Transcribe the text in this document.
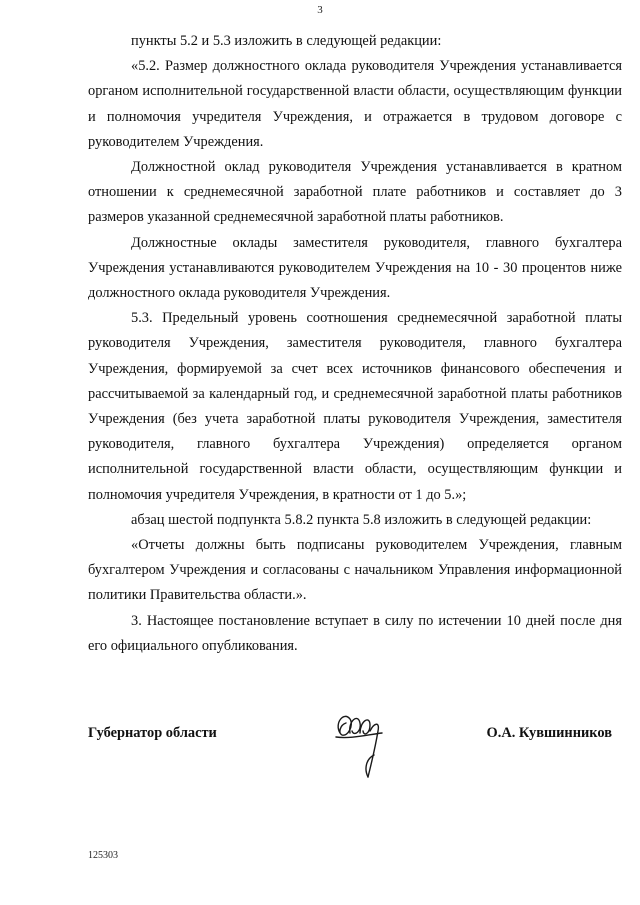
3

пункты 5.2 и 5.3 изложить в следующей редакции:

«5.2. Размер должностного оклада руководителя Учреждения устанавливается органом исполнительной государственной власти области, осуществляющим функции и полномочия учредителя Учреждения, и отражается в трудовом договоре с руководителем Учреждения.

Должностной оклад руководителя Учреждения устанавливается в кратном отношении к среднемесячной заработной плате работников и составляет до 3 размеров указанной среднемесячной заработной платы работников.

Должностные оклады заместителя руководителя, главного бухгалтера Учреждения устанавливаются руководителем Учреждения на 10 - 30 процентов ниже должностного оклада руководителя Учреждения.

5.3. Предельный уровень соотношения среднемесячной заработной платы руководителя Учреждения, заместителя руководителя, главного бухгалтера Учреждения, формируемой за счет всех источников финансового обеспечения и рассчитываемой за календарный год, и среднемесячной заработной платы работников Учреждения (без учета заработной платы руководителя Учреждения, заместителя руководителя, главного бухгалтера Учреждения) определяется органом исполнительной государственной власти области, осуществляющим функции и полномочия учредителя Учреждения, в кратности от 1 до 5.»;

абзац шестой подпункта 5.8.2 пункта 5.8 изложить в следующей редакции:

«Отчеты должны быть подписаны руководителем Учреждения, главным бухгалтером Учреждения и согласованы с начальником Управления информационной политики Правительства области.».

3. Настоящее постановление вступает в силу по истечении 10 дней после дня его официального опубликования.

Губернатор области	О.А. Кувшинников
125303
